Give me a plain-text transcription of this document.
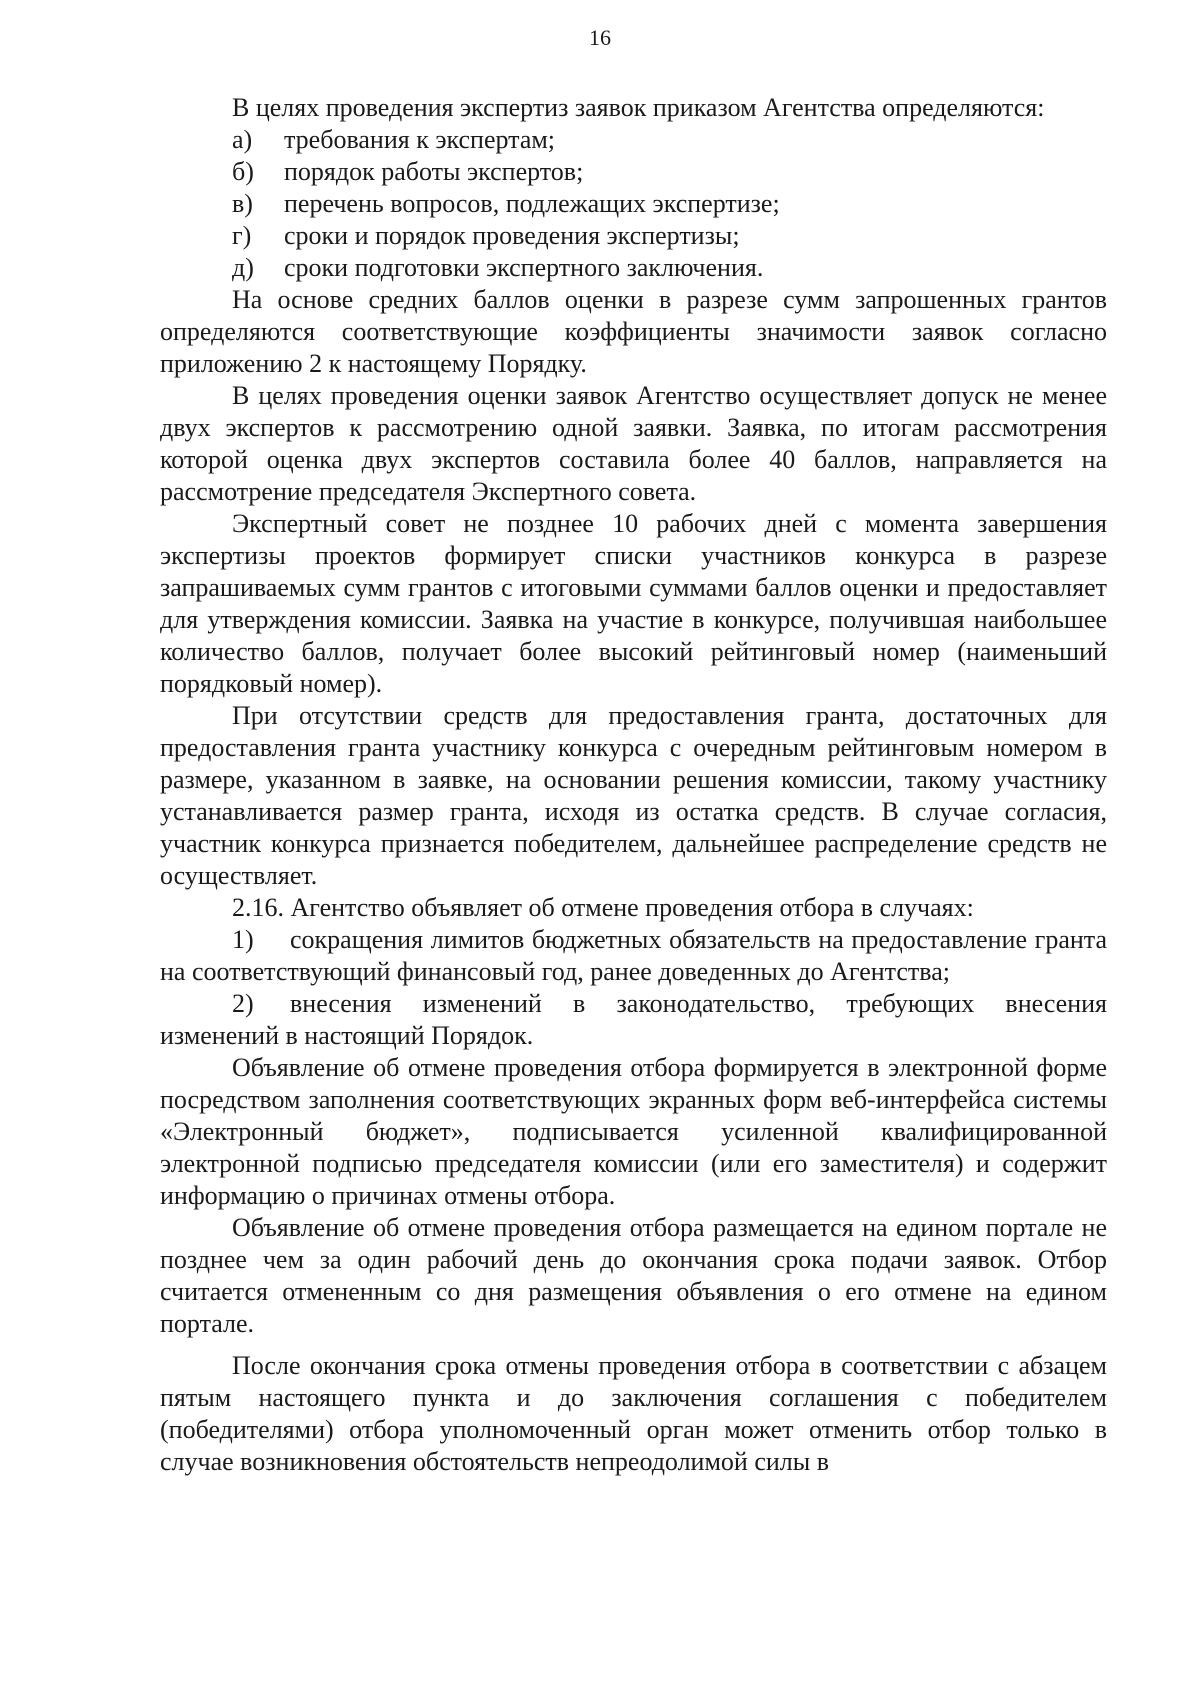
16

В целях проведения экспертиз заявок приказом Агентства определяются:

а)	требования к экспертам;
б)	порядок работы экспертов;
в)	перечень вопросов, подлежащих экспертизе;
г)	сроки и порядок проведения экспертизы;
д)	сроки подготовки экспертного заключения.

На основе средних баллов оценки в разрезе сумм запрошенных грантов определяются соответствующие коэффициенты значимости заявок согласно приложению 2 к настоящему Порядку.

В целях проведения оценки заявок Агентство осуществляет допуск не менее двух экспертов к рассмотрению одной заявки. Заявка, по итогам рассмотрения которой оценка двух экспертов составила более 40 баллов, направляется на рассмотрение председателя Экспертного совета.

Экспертный совет не позднее 10 рабочих дней с момента завершения экспертизы проектов формирует списки участников конкурса в разрезе запрашиваемых сумм грантов с итоговыми суммами баллов оценки и предоставляет для утверждения комиссии. Заявка на участие в конкурсе, получившая наибольшее количество баллов, получает более высокий рейтинговый номер (наименьший порядковый номер).

При отсутствии средств для предоставления гранта, достаточных для предоставления гранта участнику конкурса с очередным рейтинговым номером в размере, указанном в заявке, на основании решения комиссии, такому участнику устанавливается размер гранта, исходя из остатка средств. В случае согласия, участник конкурса признается победителем, дальнейшее распределение средств не осуществляет.

2.16. Агентство объявляет об отмене проведения отбора в случаях:

1) сокращения лимитов бюджетных обязательств на предоставление гранта на соответствующий финансовый год, ранее доведенных до Агентства;

2) внесения изменений в законодательство, требующих внесения изменений в настоящий Порядок.

Объявление об отмене проведения отбора формируется в электронной форме посредством заполнения соответствующих экранных форм веб-интерфейса системы «Электронный бюджет», подписывается усиленной квалифицированной электронной подписью председателя комиссии (или его заместителя) и содержит информацию о причинах отмены отбора.

Объявление об отмене проведения отбора размещается на едином портале не позднее чем за один рабочий день до окончания срока подачи заявок. Отбор считается отмененным со дня размещения объявления о его отмене на едином портале.

После окончания срока отмены проведения отбора в соответствии с абзацем пятым настоящего пункта и до заключения соглашения с победителем (победителями) отбора уполномоченный орган может отменить отбор только в случае возникновения обстоятельств непреодолимой силы в
